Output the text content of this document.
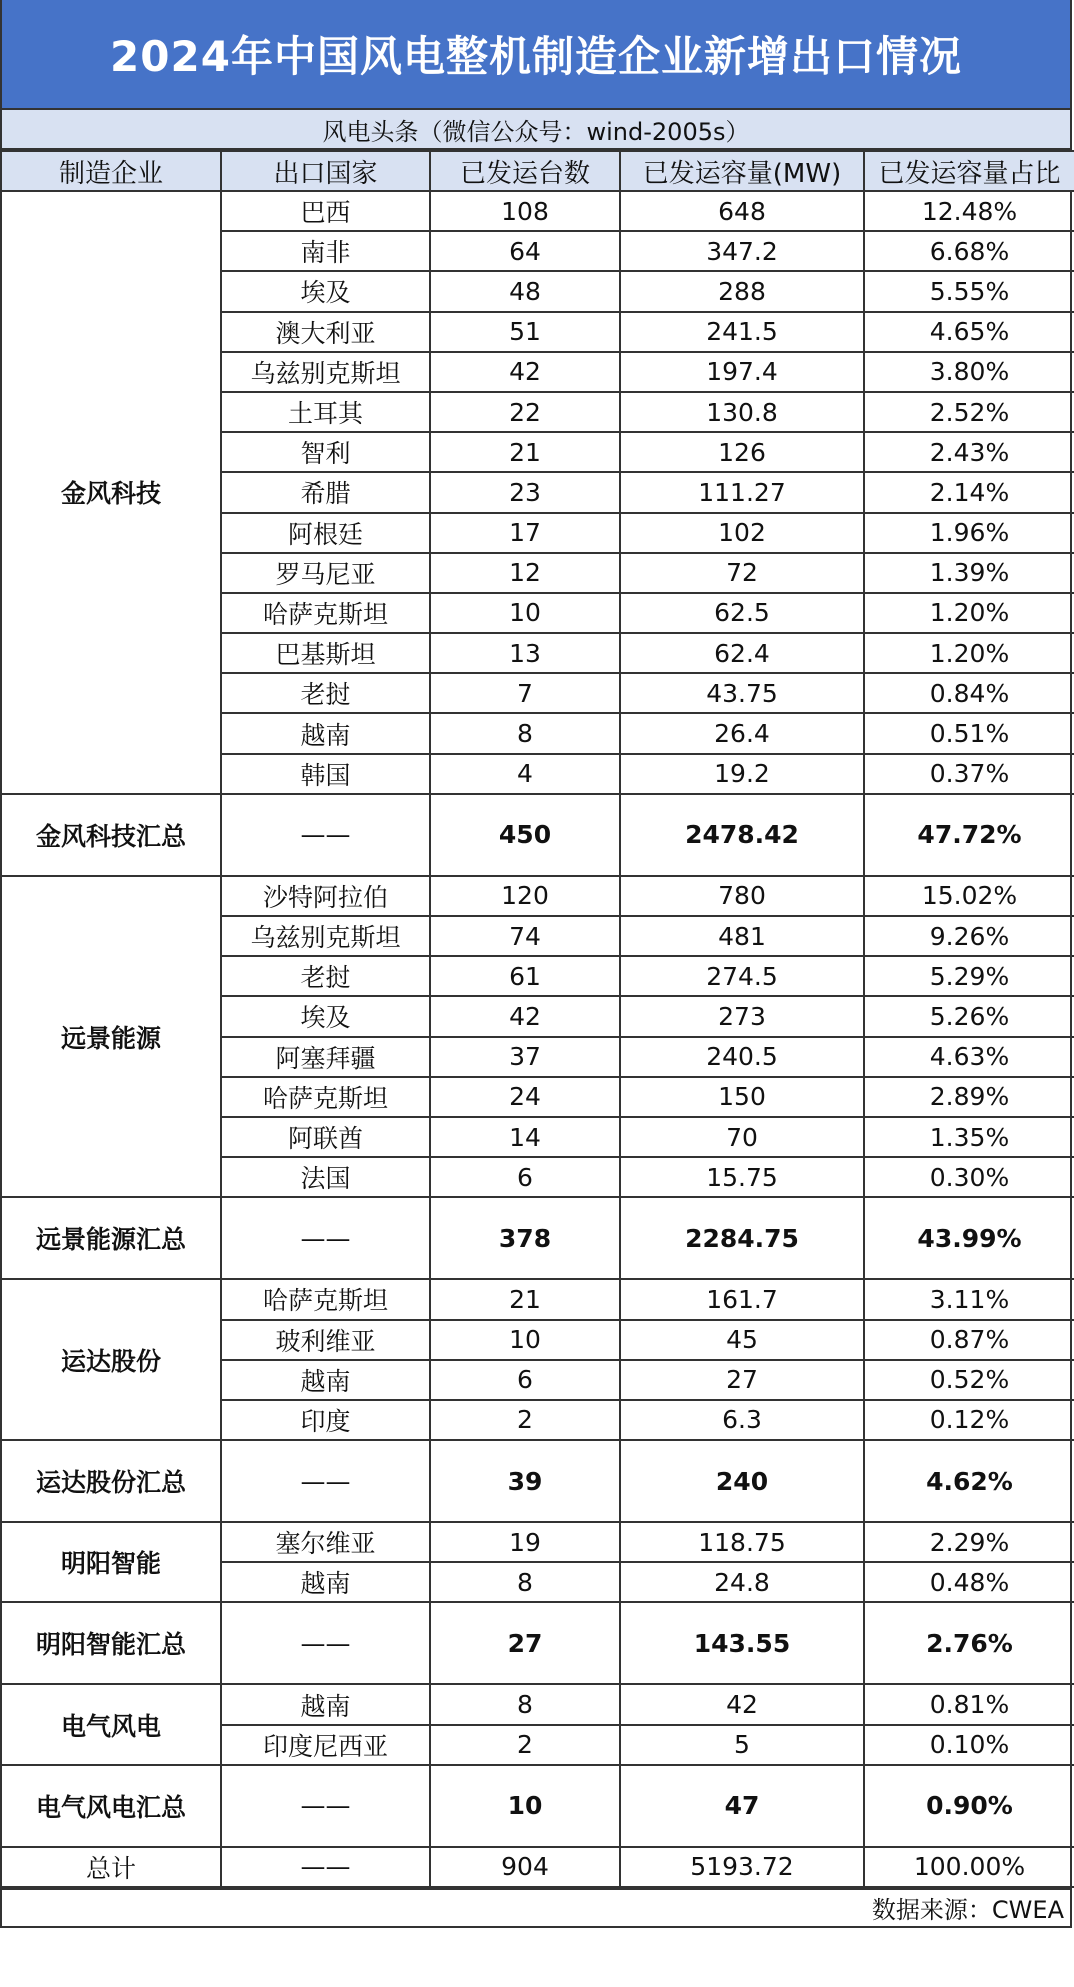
2024年中国风电整机制造企业新增出口情况
风电头条（微信公众号：wind-2005s）
制造企业	出口国家	已发运台数	已发运容量(MW)	已发运容量占比
金风科技	巴西	108	648	12.48%
	南非	64	347.2	6.68%
	埃及	48	288	5.55%
	澳大利亚	51	241.5	4.65%
	乌兹别克斯坦	42	197.4	3.80%
	土耳其	22	130.8	2.52%
	智利	21	126	2.43%
	希腊	23	111.27	2.14%
	阿根廷	17	102	1.96%
	罗马尼亚	12	72	1.39%
	哈萨克斯坦	10	62.5	1.20%
	巴基斯坦	13	62.4	1.20%
	老挝	7	43.75	0.84%
	越南	8	26.4	0.51%
	韩国	4	19.2	0.37%
金风科技汇总	——	450	2478.42	47.72%
远景能源	沙特阿拉伯	120	780	15.02%
	乌兹别克斯坦	74	481	9.26%
	老挝	61	274.5	5.29%
	埃及	42	273	5.26%
	阿塞拜疆	37	240.5	4.63%
	哈萨克斯坦	24	150	2.89%
	阿联酋	14	70	1.35%
	法国	6	15.75	0.30%
远景能源汇总	——	378	2284.75	43.99%
运达股份	哈萨克斯坦	21	161.7	3.11%
	玻利维亚	10	45	0.87%
	越南	6	27	0.52%
	印度	2	6.3	0.12%
运达股份汇总	——	39	240	4.62%
明阳智能	塞尔维亚	19	118.75	2.29%
	越南	8	24.8	0.48%
明阳智能汇总	——	27	143.55	2.76%
电气风电	越南	8	42	0.81%
	印度尼西亚	2	5	0.10%
电气风电汇总	——	10	47	0.90%
总计	——	904	5193.72	100.00%
数据来源：CWEA
